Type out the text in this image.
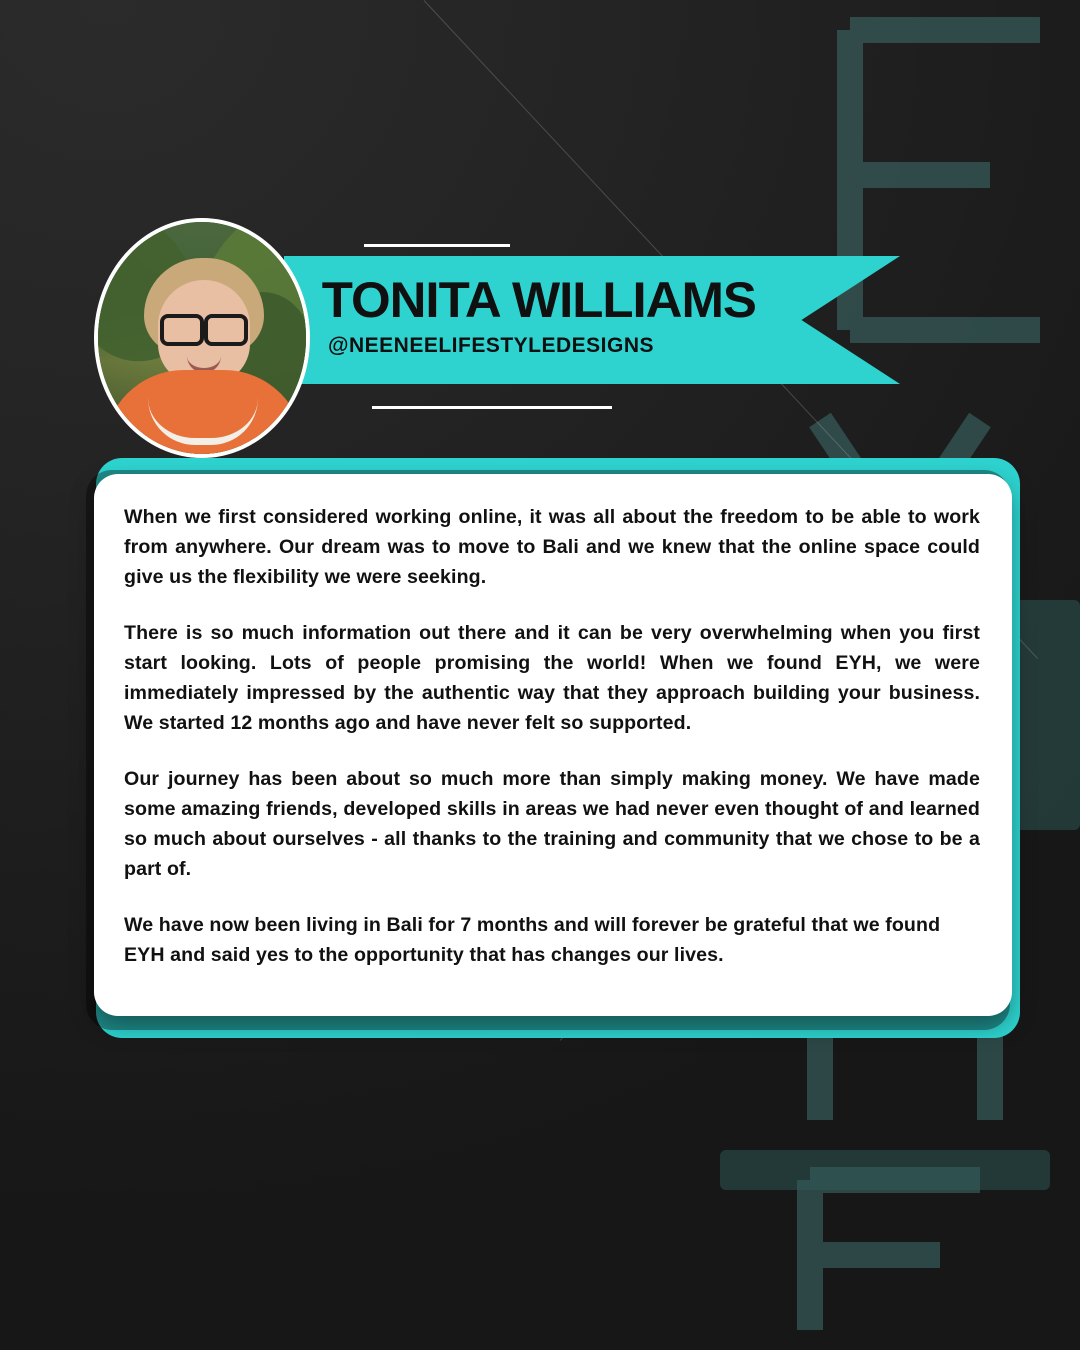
TONITA WILLIAMS
@NEENEELIFESTYLEDESIGNS

When we first considered working online, it was all about the freedom to be able to work from anywhere. Our dream was to move to Bali and we knew that the online space could give us the flexibility we were seeking.

There is so much information out there and it can be very overwhelming when you first start looking. Lots of people promising the world! When we found EYH, we were immediately impressed by the authentic way that they approach building your business. We started 12 months ago and have never felt so supported.

Our journey has been about so much more than simply making money. We have made some amazing friends, developed skills in areas we had never even thought of and learned so much about ourselves - all thanks to the training and community that we chose to be a part of.

We have now been living in Bali for 7 months and will forever be grateful that we found EYH and said yes to the opportunity that has changes our lives.
